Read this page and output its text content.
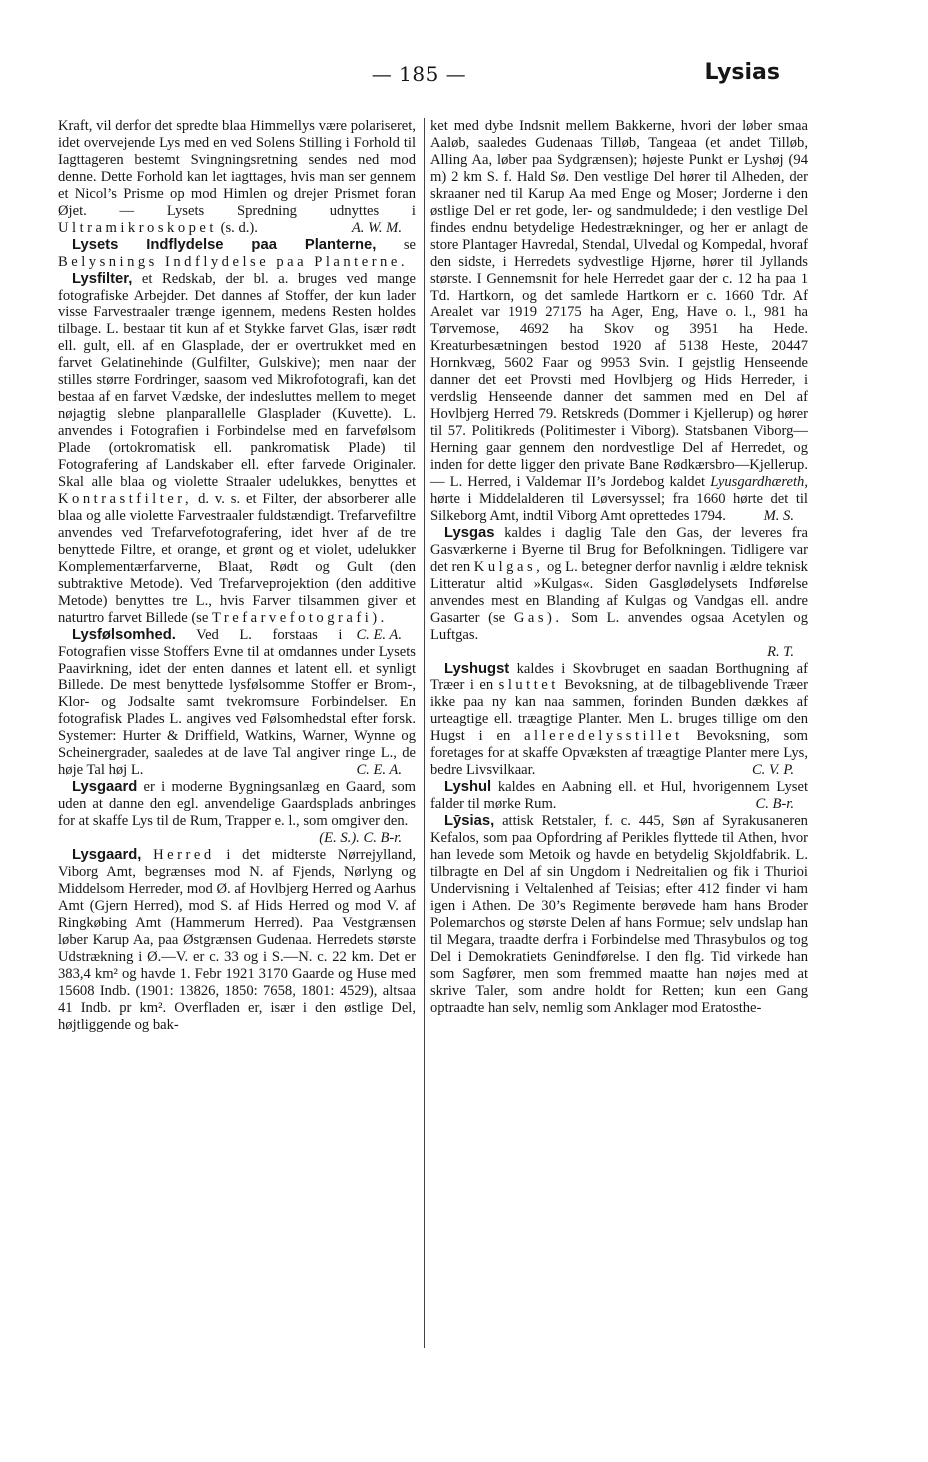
— 185 —	Lysias

Kraft, vil derfor det spredte blaa Himmellys være polariseret, idet overvejende Lys med en ved Solens Stilling i Forhold til Iagttageren bestemt Svingningsretning sendes ned mod denne. Dette Forhold kan let iagttages, hvis man ser gennem et Nicol’s Prisme op mod Himlen og drejer Prismet foran Øjet. — Lysets Spredning udnyttes i Ultramikroskopet (s. d.).	A. W. M.

Lysets Indflydelse paa Planterne, se Belysnings Indflydelse paa Planterne.

Lysfilter, et Redskab, der bl. a. bruges ved mange fotografiske Arbejder. Det dannes af Stoffer, der kun lader visse Farvestraaler trænge igennem, medens Resten holdes tilbage. L. bestaar tit kun af et Stykke farvet Glas, især rødt ell. gult, ell. af en Glasplade, der er overtrukket med en farvet Gelatinehinde (Gulfilter, Gulskive); men naar der stilles større Fordringer, saasom ved Mikrofotografi, kan det bestaa af en farvet Vædske, der indesluttes mellem to meget nøjagtig slebne planparallelle Glasplader (Kuvette). L. anvendes i Fotografien i Forbindelse med en farvefølsom Plade (ortokromatisk ell. pankromatisk Plade) til Fotografering af Landskaber ell. efter farvede Originaler. Skal alle blaa og violette Straaler udelukkes, benyttes et Kontrastfilter, d. v. s. et Filter, der absorberer alle blaa og alle violette Farvestraaler fuldstændigt. Trefarvefiltre anvendes ved Trefarvefotografering, idet hver af de tre benyttede Filtre, et orange, et grønt og et violet, udelukker Komplementærfarverne, Blaat, Rødt og Gult (den subtraktive Metode). Ved Trefarveprojektion (den additive Metode) benyttes tre L., hvis Farver tilsammen giver et naturtro farvet Billede (se Trefarvefotografi).
C. E. A.

Lysfølsomhed. Ved L. forstaas i Fotografien visse Stoffers Evne til at omdannes under Lysets Paavirkning, idet der enten dannes et latent ell. et synligt Billede. De mest benyttede lysfølsomme Stoffer er Brom-, Klor- og Jodsalte samt tvekromsure Forbindelser. En fotografisk Plades L. angives ved Følsomhedstal efter forsk. Systemer: Hurter & Driffield, Watkins, Warner, Wynne og Scheinergrader, saaledes at de lave Tal angiver ringe L., de høje Tal høj L.	C. E. A.

Lysgaard er i moderne Bygningsanlæg en Gaard, som uden at danne den egl. anvendelige Gaardsplads anbringes for at skaffe Lys til de Rum, Trapper e. l., som omgiver den.
(E. S.). C. B-r.

Lysgaard, Herred i det midterste Nørrejylland, Viborg Amt, begrænses mod N. af Fjends, Nørlyng og Middelsom Herreder, mod Ø. af Hovlbjerg Herred og Aarhus Amt (Gjern Herred), mod S. af Hids Herred og mod V. af Ringkøbing Amt (Hammerum Herred). Paa Vestgrænsen løber Karup Aa, paa Østgrænsen Gudenaa. Herredets største Udstrækning i Ø.—V. er c. 33 og i S.—N. c. 22 km. Det er 383,4 km² og havde 1. Febr 1921 3170 Gaarde og Huse med 15608 Indb. (1901: 13826, 1850: 7658, 1801: 4529), altsaa 41 Indb. pr km². Overfladen er, især i den østlige Del, højtliggende og bak-

ket med dybe Indsnit mellem Bakkerne, hvori der løber smaa Aaløb, saaledes Gudenaas Tilløb, Tangeaa (et andet Tilløb, Alling Aa, løber paa Sydgrænsen); højeste Punkt er Lyshøj (94 m) 2 km S. f. Hald Sø. Den vestlige Del hører til Alheden, der skraaner ned til Karup Aa med Enge og Moser; Jorderne i den østlige Del er ret gode, ler- og sandmuldede; i den vestlige Del findes endnu betydelige Hedestrækninger, og her er anlagt de store Plantager Havredal, Stendal, Ulvedal og Kompedal, hvoraf den sidste, i Herredets sydvestlige Hjørne, hører til Jyllands største. I Gennemsnit for hele Herredet gaar der c. 12 ha paa 1 Td. Hartkorn, og det samlede Hartkorn er c. 1660 Tdr. Af Arealet var 1919 27175 ha Ager, Eng, Have o. l., 981 ha Tørvemose, 4692 ha Skov og 3951 ha Hede. Kreaturbesætningen bestod 1920 af 5138 Heste, 20447 Hornkvæg, 5602 Faar og 9953 Svin. I gejstlig Henseende danner det eet Provsti med Hovlbjerg og Hids Herreder, i verdslig Henseende danner det sammen med en Del af Hovlbjerg Herred 79. Retskreds (Dommer i Kjellerup) og hører til 57. Politikreds (Politimester i Viborg). Statsbanen Viborg—Herning gaar gennem den nordvestlige Del af Herredet, og inden for dette ligger den private Bane Rødkærsbro—Kjellerup. — L. Herred, i Valdemar II’s Jordebog kaldet Lyusgardhæreth, hørte i Middelalderen til Løversyssel; fra 1660 hørte det til Silkeborg Amt, indtil Viborg Amt oprettedes 1794.	M. S.

Lysgas kaldes i daglig Tale den Gas, der leveres fra Gasværkerne i Byerne til Brug for Befolkningen. Tidligere var det ren Kulgas, og L. betegner derfor navnlig i ældre teknisk Litteratur altid »Kulgas«. Siden Gasglødelysets Indførelse anvendes mest en Blanding af Kulgas og Vandgas ell. andre Gasarter (se Gas). Som L. anvendes ogsaa Acetylen og Luftgas.
R. T.

Lyshugst kaldes i Skovbruget en saadan Borthugning af Træer i en sluttet Bevoksning, at de tilbageblivende Træer ikke paa ny kan naa sammen, forinden Bunden dækkes af urteagtige ell. træagtige Planter. Men L. bruges tillige om den Hugst i en alleredelysstillet Bevoksning, som foretages for at skaffe Opvæksten af træagtige Planter mere Lys, bedre Livsvilkaar.	C. V. P.

Lyshul kaldes en Aabning ell. et Hul, hvorigennem Lyset falder til mørke Rum.	C. B-r.

Lȳsias, attisk Retstaler, f. c. 445, Søn af Syrakusaneren Kefalos, som paa Opfordring af Perikles flyttede til Athen, hvor han levede som Metoik og havde en betydelig Skjoldfabrik. L. tilbragte en Del af sin Ungdom i Nedreitalien og fik i Thurioi Undervisning i Veltalenhed af Teisias; efter 412 finder vi ham igen i Athen. De 30’s Regimente berøvede ham hans Broder Polemarchos og største Delen af hans Formue; selv undslap han til Megara, traadte derfra i Forbindelse med Thrasybulos og tog Del i Demokratiets Genindførelse. I den flg. Tid virkede han som Sagfører, men som fremmed maatte han nøjes med at skrive Taler, som andre holdt for Retten; kun een Gang optraadte han selv, nemlig som Anklager mod Eratosthe-
